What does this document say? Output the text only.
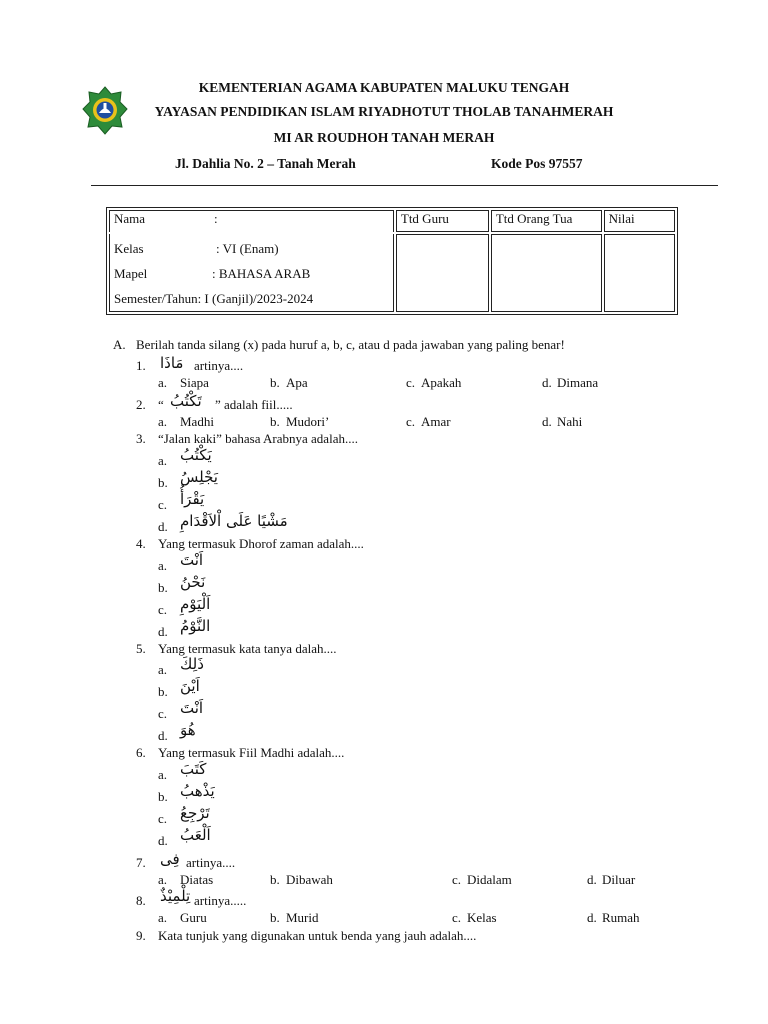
KEMENTERIAN AGAMA KABUPATEN MALUKU TENGAH
YAYASAN PENDIDIKAN ISLAM RIYADHOTUT THOLAB TANAHMERAH
MI AR ROUDHOH TANAH MERAH
Jl. Dahlia No. 2 – Tanah Merah	Kode Pos 97557
Nama :	Ttd Guru	Ttd Orang Tua	Nilai

Kelas : VI (Enam)
Mapel : BAHASA ARAB
Semester/Tahun: I (Ganjil)/2023-2024			

A. Berilah tanda silang (x) pada huruf a, b, c, atau d pada jawaban yang paling benar!
1. مَاذَا artinya....
a. Siapa	b. Apa	c. Apakah	d. Dimana
2. “ تَكْتُبُ ” adalah fiil.....
a. Madhi	b. Mudori’	c. Amar	d. Nahi
3. “Jalan kaki” bahasa Arabnya adalah....
a. يَكْتُبُ
b. يَجْلِسُ
c. يَقْرَأُ
d. مَشْيًا عَلَى اْلاَقْدَامِ
4. Yang termasuk Dhorof zaman adalah....
a. اَنْتَ
b. نَحْنُ
c. اَلْيَوْمِ
d. النَّوْمُ
5. Yang termasuk kata tanya dalah....
a. ذَلِكَ
b. اَيْنَ
c. اَنْتَ
d. هُوَ
6. Yang termasuk Fiil Madhi adalah....
a. كَتَبَ
b. يَذْهبُ
c. تَرْجِعُ
d. اَلْعَبُ
7. فِى artinya....
a. Diatas	b. Dibawah	c. Didalam	d. Diluar
8. تِلْمِيْذٌ artinya.....
a. Guru	b. Murid	c. Kelas	d. Rumah
9. Kata tunjuk yang digunakan untuk benda yang jauh adalah....
